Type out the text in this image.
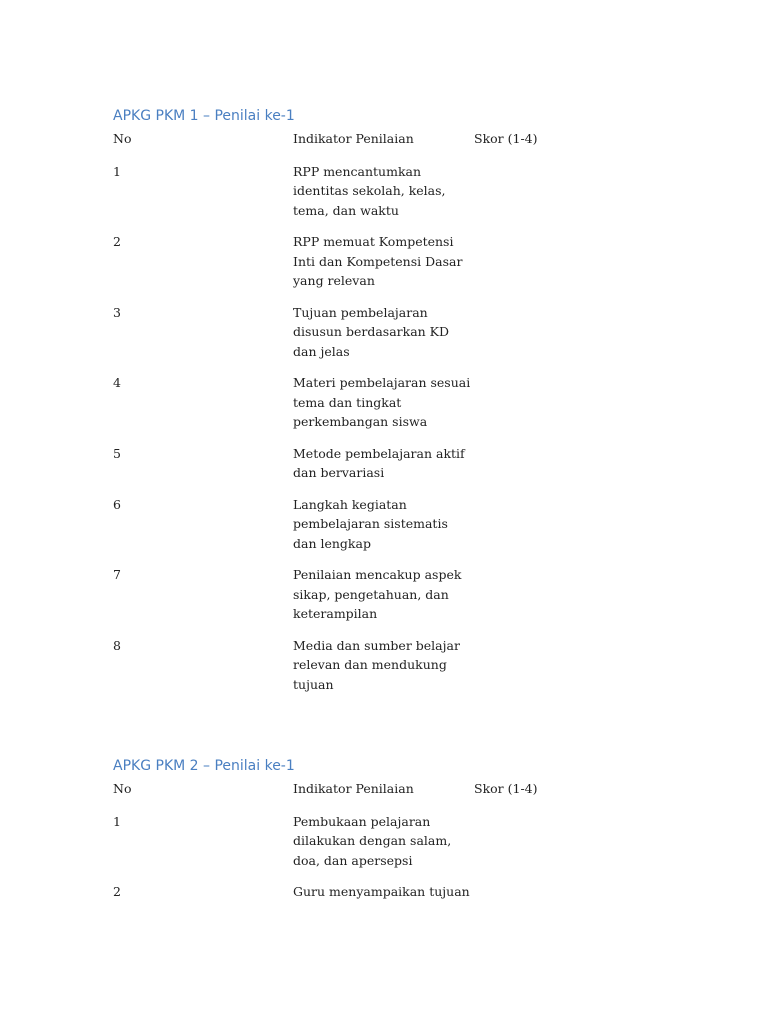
APKG PKM 1 – Penilai ke-1
No	Indikator Penilaian	Skor (1-4)
1	RPP mencantumkan identitas sekolah, kelas, tema, dan waktu
2	RPP memuat Kompetensi Inti dan Kompetensi Dasar yang relevan
3	Tujuan pembelajaran disusun berdasarkan KD dan jelas
4	Materi pembelajaran sesuai tema dan tingkat perkembangan siswa
5	Metode pembelajaran aktif dan bervariasi
6	Langkah kegiatan pembelajaran sistematis dan lengkap
7	Penilaian mencakup aspek sikap, pengetahuan, dan keterampilan
8	Media dan sumber belajar relevan dan mendukung tujuan
APKG PKM 2 – Penilai ke-1
No	Indikator Penilaian	Skor (1-4)
1	Pembukaan pelajaran dilakukan dengan salam, doa, dan apersepsi
2	Guru menyampaikan tujuan
